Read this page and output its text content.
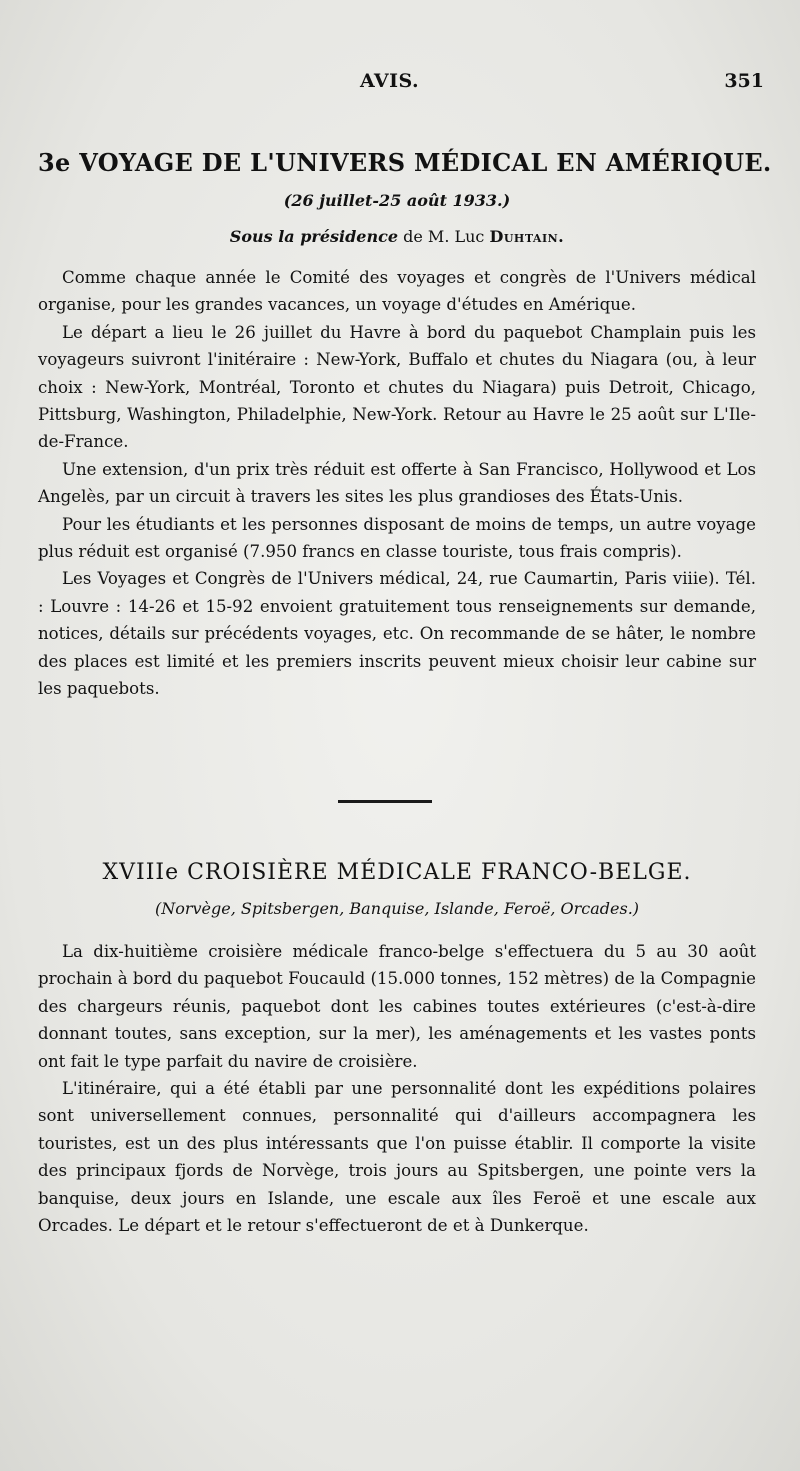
AVIS.	351
3e VOYAGE DE L'UNIVERS MÉDICAL EN AMÉRIQUE.

(26 juillet-25 août 1933.)

Sous la présidence de M. Luc Duhtain.

Comme chaque année le Comité des voyages et congrès de l'Univers médical organise, pour les grandes vacances, un voyage d'études en Amérique.

Le départ a lieu le 26 juillet du Havre à bord du paquebot Champlain puis les voyageurs suivront l'initéraire : New-York, Buffalo et chutes du Niagara (ou, à leur choix : New-York, Montréal, Toronto et chutes du Niagara) puis Detroit, Chicago, Pittsburg, Washington, Philadelphie, New-York. Retour au Havre le 25 août sur L'Ile-de-France.

Une extension, d'un prix très réduit est offerte à San Francisco, Hollywood et Los Angelès, par un circuit à travers les sites les plus grandioses des États-Unis.

Pour les étudiants et les personnes disposant de moins de temps, un autre voyage plus réduit est organisé (7.950 francs en classe touriste, tous frais compris).

Les Voyages et Congrès de l'Univers médical, 24, rue Caumartin, Paris viiie). Tél. : Louvre : 14-26 et 15-92 envoient gratuitement tous renseignements sur demande, notices, détails sur précédents voyages, etc. On recommande de se hâter, le nombre des places est limité et les premiers inscrits peuvent mieux choisir leur cabine sur les paquebots.

XVIIIe CROISIÈRE MÉDICALE FRANCO-BELGE.

(Norvège, Spitsbergen, Banquise, Islande, Feroë, Orcades.)

La dix-huitième croisière médicale franco-belge s'effectuera du 5 au 30 août prochain à bord du paquebot Foucauld (15.000 tonnes, 152 mètres) de la Compagnie des chargeurs réunis, paquebot dont les cabines toutes extérieures (c'est-à-dire donnant toutes, sans exception, sur la mer), les aménagements et les vastes ponts ont fait le type parfait du navire de croisière.

L'itinéraire, qui a été établi par une personnalité dont les expéditions polaires sont universellement connues, personnalité qui d'ailleurs accompagnera les touristes, est un des plus intéressants que l'on puisse établir. Il comporte la visite des principaux fjords de Norvège, trois jours au Spitsbergen, une pointe vers la banquise, deux jours en Islande, une escale aux îles Feroë et une escale aux Orcades. Le départ et le retour s'effectueront de et à Dunkerque.
